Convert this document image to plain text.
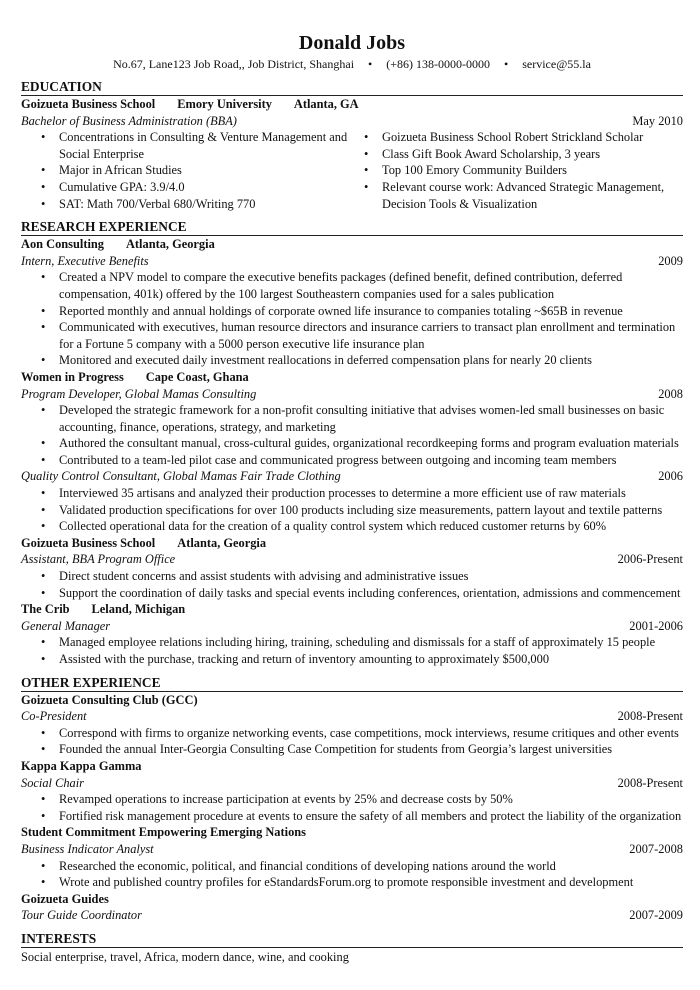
Donald Jobs
No.67, Lane123 Job Road,, Job District, Shanghai • (+86) 138-0000-0000 • service@55.la
EDUCATION
Goizueta Business School Emory University Atlanta, GA
Bachelor of Business Administration (BBA)	May 2010
• Concentrations in Consulting & Venture Management and Social Enterprise
• Major in African Studies
• Cumulative GPA: 3.9/4.0
• SAT: Math 700/Verbal 680/Writing 770
• Goizueta Business School Robert Strickland Scholar
• Class Gift Book Award Scholarship, 3 years
• Top 100 Emory Community Builders
• Relevant course work: Advanced Strategic Management, Decision Tools & Visualization
RESEARCH EXPERIENCE
Aon Consulting Atlanta, Georgia
Intern, Executive Benefits	2009
• Created a NPV model to compare the executive benefits packages (defined benefit, defined contribution, deferred compensation, 401k) offered by the 100 largest Southeastern companies used for a sales publication
• Reported monthly and annual holdings of corporate owned life insurance to companies totaling ~$65B in revenue
• Communicated with executives, human resource directors and insurance carriers to transact plan enrollment and termination for a Fortune 5 company with a 5000 person executive life insurance plan
• Monitored and executed daily investment reallocations in deferred compensation plans for nearly 20 clients
Women in Progress Cape Coast, Ghana
Program Developer, Global Mamas Consulting	2008
• Developed the strategic framework for a non-profit consulting initiative that advises women-led small businesses on basic accounting, finance, operations, strategy, and marketing
• Authored the consultant manual, cross-cultural guides, organizational recordkeeping forms and program evaluation materials
• Contributed to a team-led pilot case and communicated progress between outgoing and incoming team members
Quality Control Consultant, Global Mamas Fair Trade Clothing	2006
• Interviewed 35 artisans and analyzed their production processes to determine a more efficient use of raw materials
• Validated production specifications for over 100 products including size measurements, pattern layout and textile patterns
• Collected operational data for the creation of a quality control system which reduced customer returns by 60%
Goizueta Business School Atlanta, Georgia
Assistant, BBA Program Office	2006-Present
• Direct student concerns and assist students with advising and administrative issues
• Support the coordination of daily tasks and special events including conferences, orientation, admissions and commencement
The Crib Leland, Michigan
General Manager	2001-2006
• Managed employee relations including hiring, training, scheduling and dismissals for a staff of approximately 15 people
• Assisted with the purchase, tracking and return of inventory amounting to approximately $500,000
OTHER EXPERIENCE
Goizueta Consulting Club (GCC)
Co-President	2008-Present
• Correspond with firms to organize networking events, case competitions, mock interviews, resume critiques and other events
• Founded the annual Inter-Georgia Consulting Case Competition for students from Georgia’s largest universities
Kappa Kappa Gamma
Social Chair	2008-Present
• Revamped operations to increase participation at events by 25% and decrease costs by 50%
• Fortified risk management procedure at events to ensure the safety of all members and protect the liability of the organization
Student Commitment Empowering Emerging Nations
Business Indicator Analyst	2007-2008
• Researched the economic, political, and financial conditions of developing nations around the world
• Wrote and published country profiles for eStandardsForum.org to promote responsible investment and development
Goizueta Guides
Tour Guide Coordinator	2007-2009
INTERESTS
Social enterprise, travel, Africa, modern dance, wine, and cooking
